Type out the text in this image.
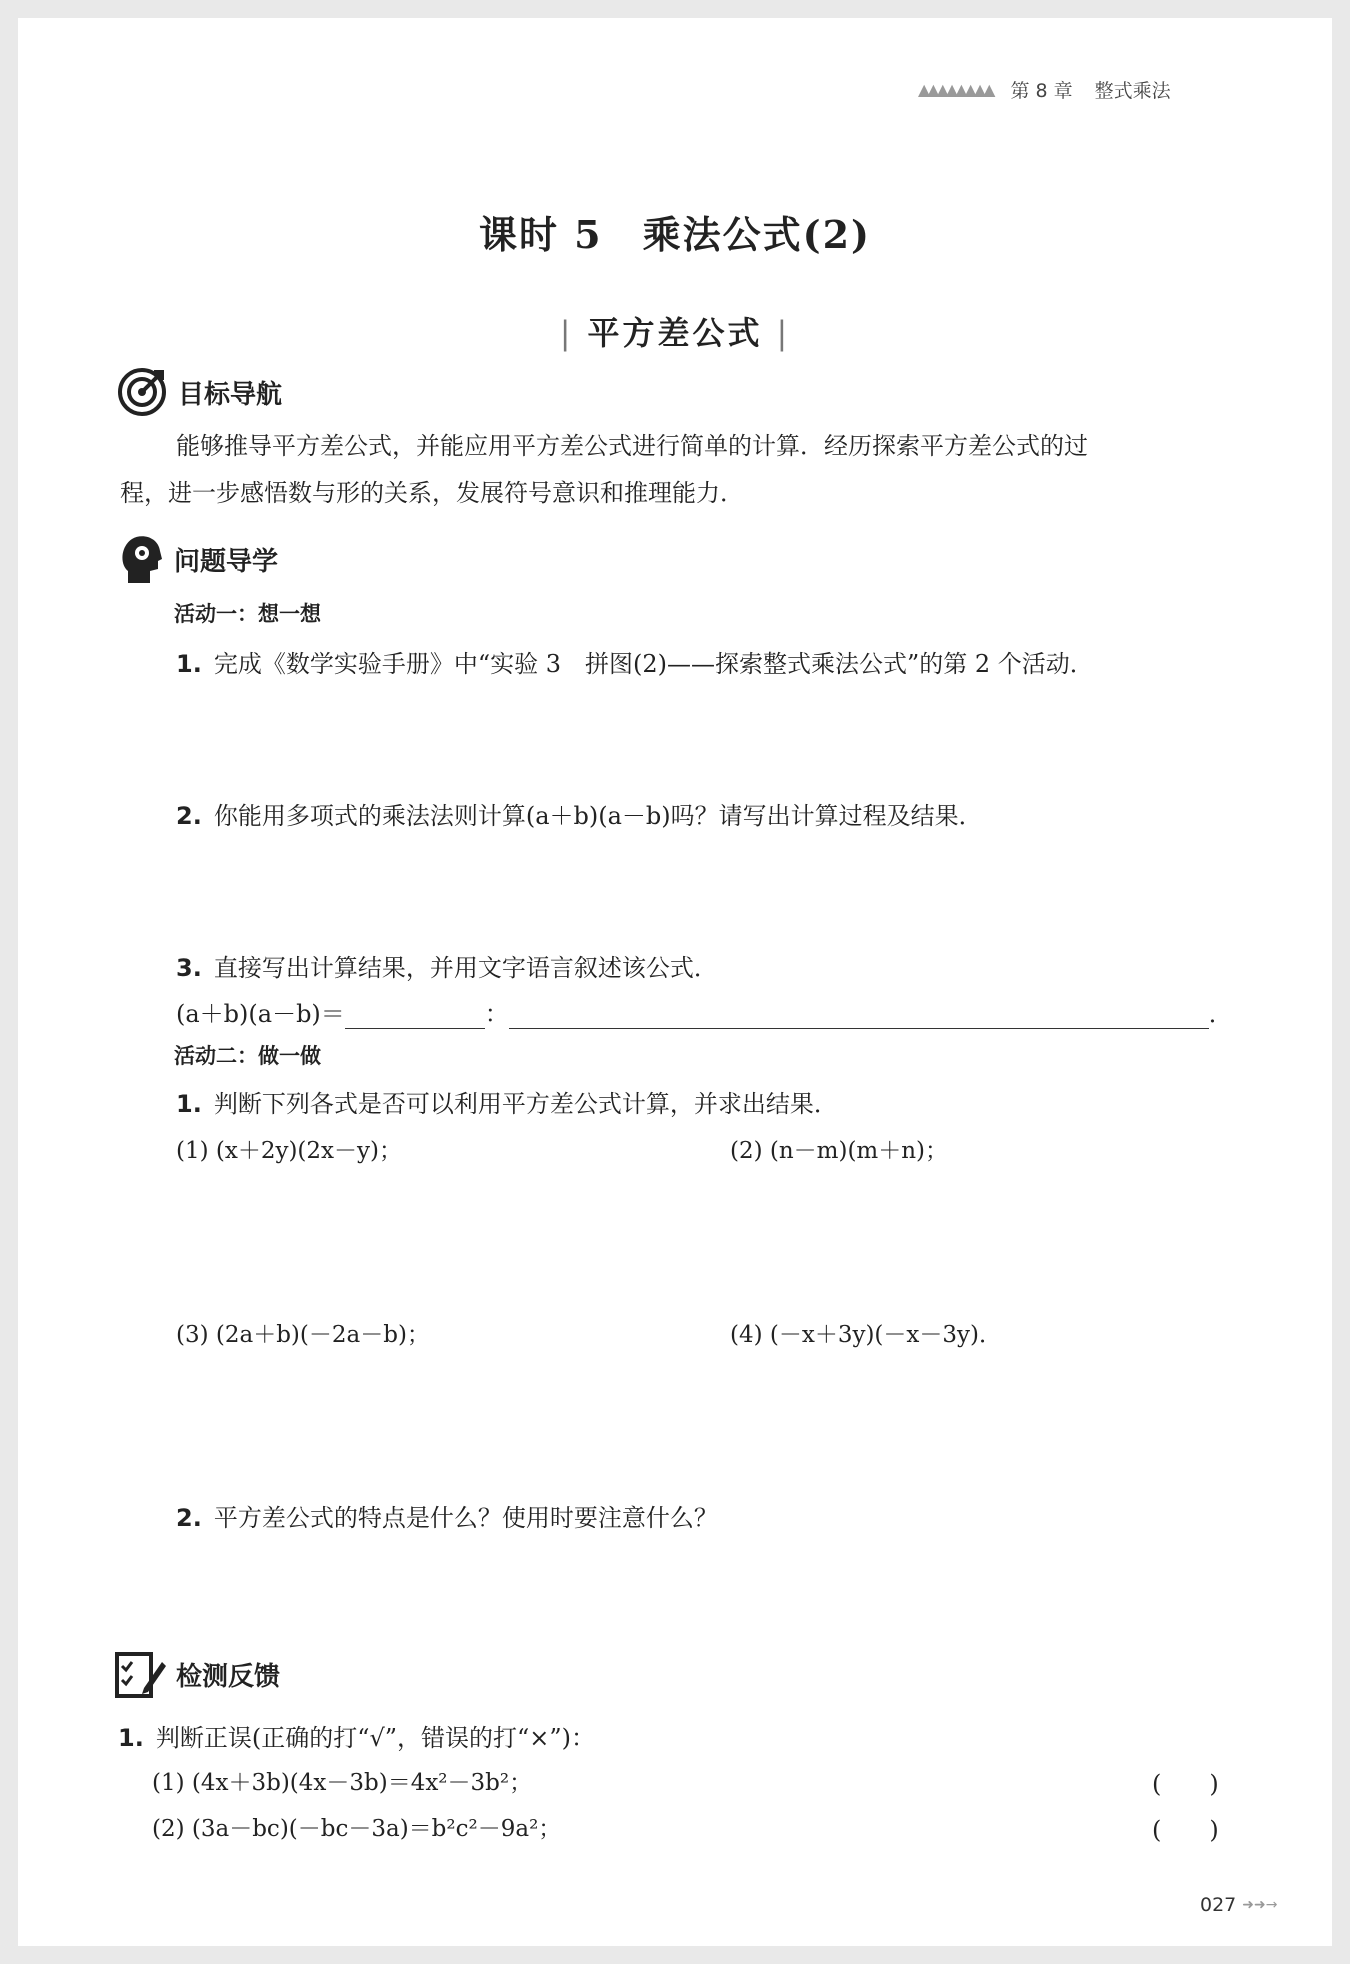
▲▲▲▲▲▲▲▲ 第 8 章 整式乘法
课时 5　乘法公式(2)
| 平方差公式 |
目标导航
能够推导平方差公式，并能应用平方差公式进行简单的计算．经历探索平方差公式的过
程，进一步感悟数与形的关系，发展符号意识和推理能力．
问题导学
活动一：想一想
1. 完成《数学实验手册》中“实验 3　拼图(2)——探索整式乘法公式”的第 2 个活动．
2. 你能用多项式的乘法法则计算(a＋b)(a－b)吗？请写出计算过程及结果．
3. 直接写出计算结果，并用文字语言叙述该公式．
(a＋b)(a－b)＝	：	．
活动二：做一做
1. 判断下列各式是否可以利用平方差公式计算，并求出结果．
(1) (x＋2y)(2x－y)；	(2) (n－m)(m＋n)；
(3) (2a＋b)(－2a－b)；	(4) (－x＋3y)(－x－3y)．
2. 平方差公式的特点是什么？使用时要注意什么？
检测反馈
1. 判断正误(正确的打“√”，错误的打“×”)：
(1) (4x＋3b)(4x－3b)＝4x²－3b²；	(　　)
(2) (3a－bc)(－bc－3a)＝b²c²－9a²；	(　　)
027 ➜➜→
